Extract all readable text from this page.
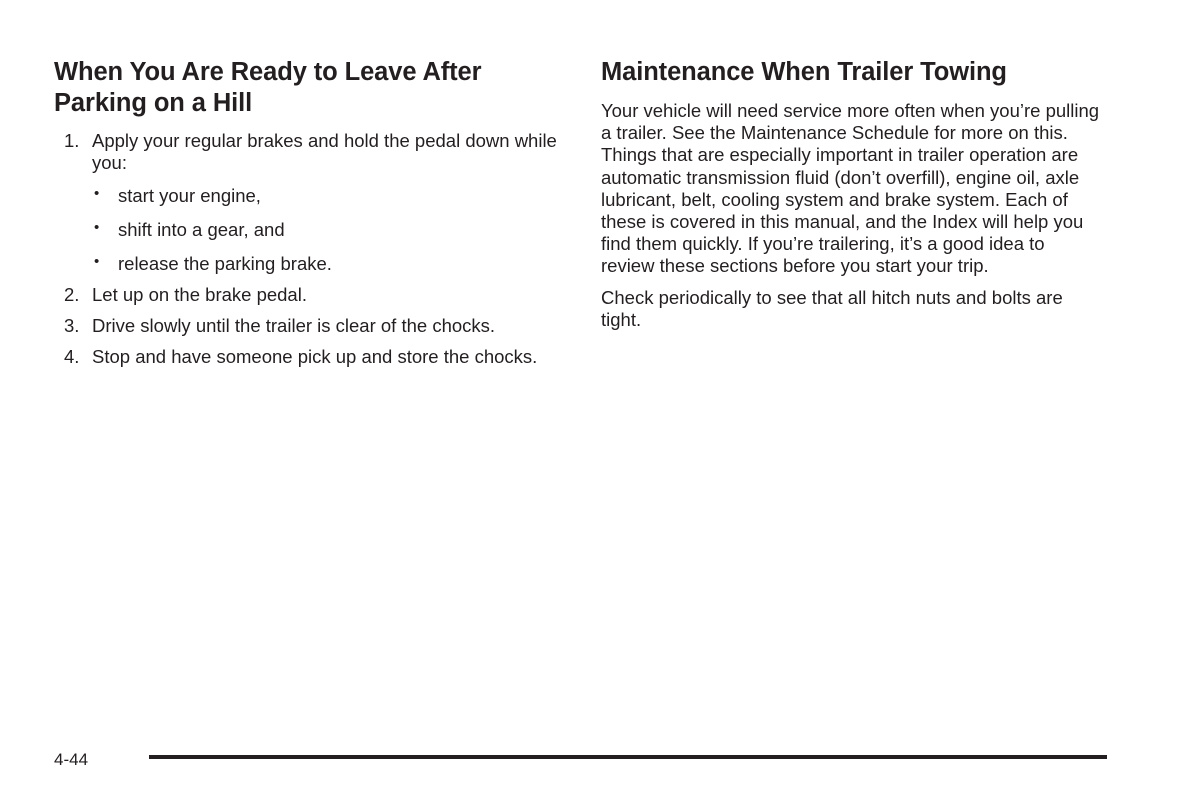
When You Are Ready to Leave After Parking on a Hill
1. Apply your regular brakes and hold the pedal down while you:
• start your engine,
• shift into a gear, and
• release the parking brake.
2. Let up on the brake pedal.
3. Drive slowly until the trailer is clear of the chocks.
4. Stop and have someone pick up and store the chocks.
Maintenance When Trailer Towing

Your vehicle will need service more often when you’re pulling a trailer. See the Maintenance Schedule for more on this. Things that are especially important in trailer operation are automatic transmission fluid (don’t overfill), engine oil, axle lubricant, belt, cooling system and brake system. Each of these is covered in this manual, and the Index will help you find them quickly. If you’re trailering, it’s a good idea to review these sections before you start your trip.

Check periodically to see that all hitch nuts and bolts are tight.

4-44
